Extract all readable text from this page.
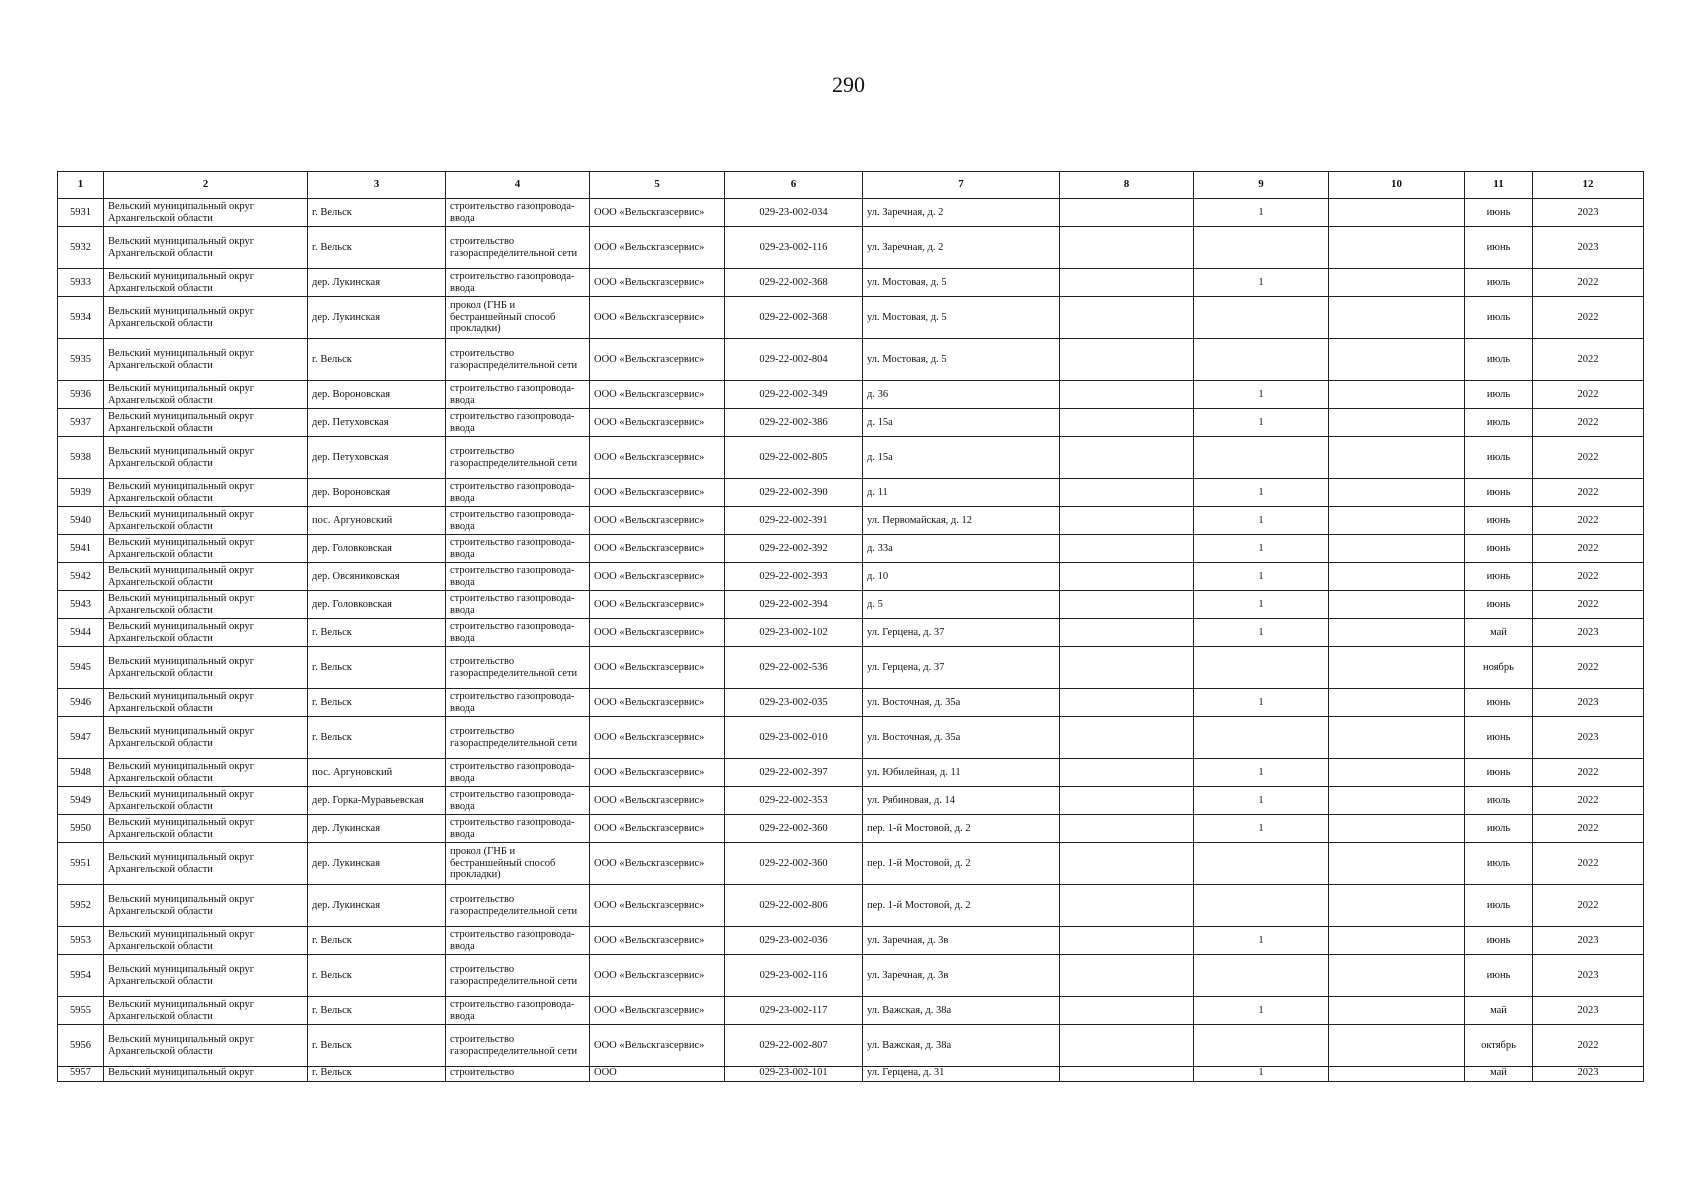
290
1	2	3	4	5	6	7	8	9	10	11	12
5931	Вельский муниципальный округ Архангельской области	г. Вельск	строительство газопровода-ввода	ООО «Вельскгазсервис»	029-23-002-034	ул. Заречная, д. 2		1		июнь	2023
5932	Вельский муниципальный округ Архангельской области	г. Вельск	строительство газораспределительной сети	ООО «Вельскгазсервис»	029-23-002-116	ул. Заречная, д. 2				июнь	2023
5933	Вельский муниципальный округ Архангельской области	дер. Лукинская	строительство газопровода-ввода	ООО «Вельскгазсервис»	029-22-002-368	ул. Мостовая, д. 5		1		июль	2022
5934	Вельский муниципальный округ Архангельской области	дер. Лукинская	прокол (ГНБ и бестраншейный способ прокладки)	ООО «Вельскгазсервис»	029-22-002-368	ул. Мостовая, д. 5				июль	2022
5935	Вельский муниципальный округ Архангельской области	г. Вельск	строительство газораспределительной сети	ООО «Вельскгазсервис»	029-22-002-804	ул. Мостовая, д. 5				июль	2022
5936	Вельский муниципальный округ Архангельской области	дер. Вороновская	строительство газопровода-ввода	ООО «Вельскгазсервис»	029-22-002-349	д. 36		1		июль	2022
5937	Вельский муниципальный округ Архангельской области	дер. Петуховская	строительство газопровода-ввода	ООО «Вельскгазсервис»	029-22-002-386	д. 15а		1		июль	2022
5938	Вельский муниципальный округ Архангельской области	дер. Петуховская	строительство газораспределительной сети	ООО «Вельскгазсервис»	029-22-002-805	д. 15а				июль	2022
5939	Вельский муниципальный округ Архангельской области	дер. Вороновская	строительство газопровода-ввода	ООО «Вельскгазсервис»	029-22-002-390	д. 11		1		июнь	2022
5940	Вельский муниципальный округ Архангельской области	пос. Аргуновский	строительство газопровода-ввода	ООО «Вельскгазсервис»	029-22-002-391	ул. Первомайская, д. 12		1		июнь	2022
5941	Вельский муниципальный округ Архангельской области	дер. Головковская	строительство газопровода-ввода	ООО «Вельскгазсервис»	029-22-002-392	д. 33а		1		июнь	2022
5942	Вельский муниципальный округ Архангельской области	дер. Овсяниковская	строительство газопровода-ввода	ООО «Вельскгазсервис»	029-22-002-393	д. 10		1		июнь	2022
5943	Вельский муниципальный округ Архангельской области	дер. Головковская	строительство газопровода-ввода	ООО «Вельскгазсервис»	029-22-002-394	д. 5		1		июнь	2022
5944	Вельский муниципальный округ Архангельской области	г. Вельск	строительство газопровода-ввода	ООО «Вельскгазсервис»	029-23-002-102	ул. Герцена, д. 37		1		май	2023
5945	Вельский муниципальный округ Архангельской области	г. Вельск	строительство газораспределительной сети	ООО «Вельскгазсервис»	029-22-002-536	ул. Герцена, д. 37				ноябрь	2022
5946	Вельский муниципальный округ Архангельской области	г. Вельск	строительство газопровода-ввода	ООО «Вельскгазсервис»	029-23-002-035	ул. Восточная, д. 35а		1		июнь	2023
5947	Вельский муниципальный округ Архангельской области	г. Вельск	строительство газораспределительной сети	ООО «Вельскгазсервис»	029-23-002-010	ул. Восточная, д. 35а				июнь	2023
5948	Вельский муниципальный округ Архангельской области	пос. Аргуновский	строительство газопровода-ввода	ООО «Вельскгазсервис»	029-22-002-397	ул. Юбилейная, д. 11		1		июнь	2022
5949	Вельский муниципальный округ Архангельской области	дер. Горка-Муравьевская	строительство газопровода-ввода	ООО «Вельскгазсервис»	029-22-002-353	ул. Рябиновая, д. 14		1		июль	2022
5950	Вельский муниципальный округ Архангельской области	дер. Лукинская	строительство газопровода-ввода	ООО «Вельскгазсервис»	029-22-002-360	пер. 1-й Мостовой, д. 2		1		июль	2022
5951	Вельский муниципальный округ Архангельской области	дер. Лукинская	прокол (ГНБ и бестраншейный способ прокладки)	ООО «Вельскгазсервис»	029-22-002-360	пер. 1-й Мостовой, д. 2				июль	2022
5952	Вельский муниципальный округ Архангельской области	дер. Лукинская	строительство газораспределительной сети	ООО «Вельскгазсервис»	029-22-002-806	пер. 1-й Мостовой, д. 2				июль	2022
5953	Вельский муниципальный округ Архангельской области	г. Вельск	строительство газопровода-ввода	ООО «Вельскгазсервис»	029-23-002-036	ул. Заречная, д. 3в		1		июнь	2023
5954	Вельский муниципальный округ Архангельской области	г. Вельск	строительство газораспределительной сети	ООО «Вельскгазсервис»	029-23-002-116	ул. Заречная, д. 3в				июнь	2023
5955	Вельский муниципальный округ Архангельской области	г. Вельск	строительство газопровода-ввода	ООО «Вельскгазсервис»	029-23-002-117	ул. Важская, д. 38а		1		май	2023
5956	Вельский муниципальный округ Архангельской области	г. Вельск	строительство газораспределительной сети	ООО «Вельскгазсервис»	029-22-002-807	ул. Важская, д. 38а				октябрь	2022
5957	Вельский муниципальный округ	г. Вельск	строительство	ООО	029-23-002-101	ул. Герцена, д. 31		1		май	2023
